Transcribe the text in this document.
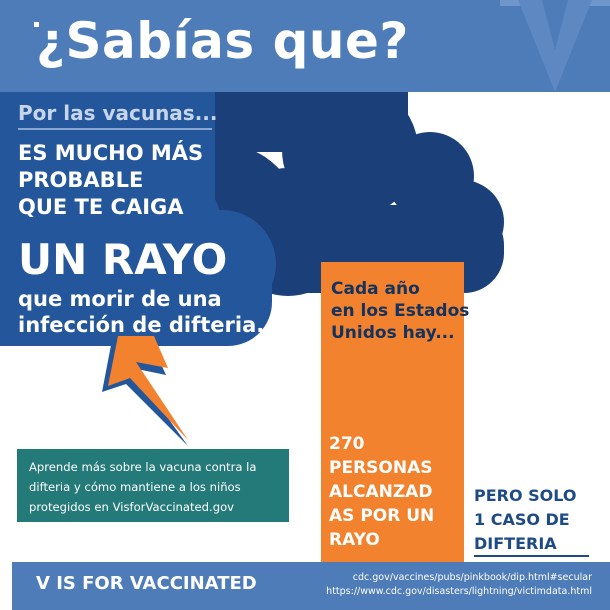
¿Sabías que?
Por las vacunas...
ES MUCHO MÁS
PROBABLE
QUE TE CAIGA
UN RAYO
que morir de una
infección de difteria.
Cada año
en los Estados
Unidos hay...
270
PERSONAS
ALCANZAD
AS POR UN
RAYO
PERO SOLO
1 CASO DE
DIFTERIA
Aprende más sobre la vacuna contra la
difteria y cómo mantiene a los niños
protegidos en VisforVaccinated.gov
V IS FOR VACCINATED	cdc.gov/vaccines/pubs/pinkbook/dip.html#secular
https://www.cdc.gov/disasters/lightning/victimdata.html
